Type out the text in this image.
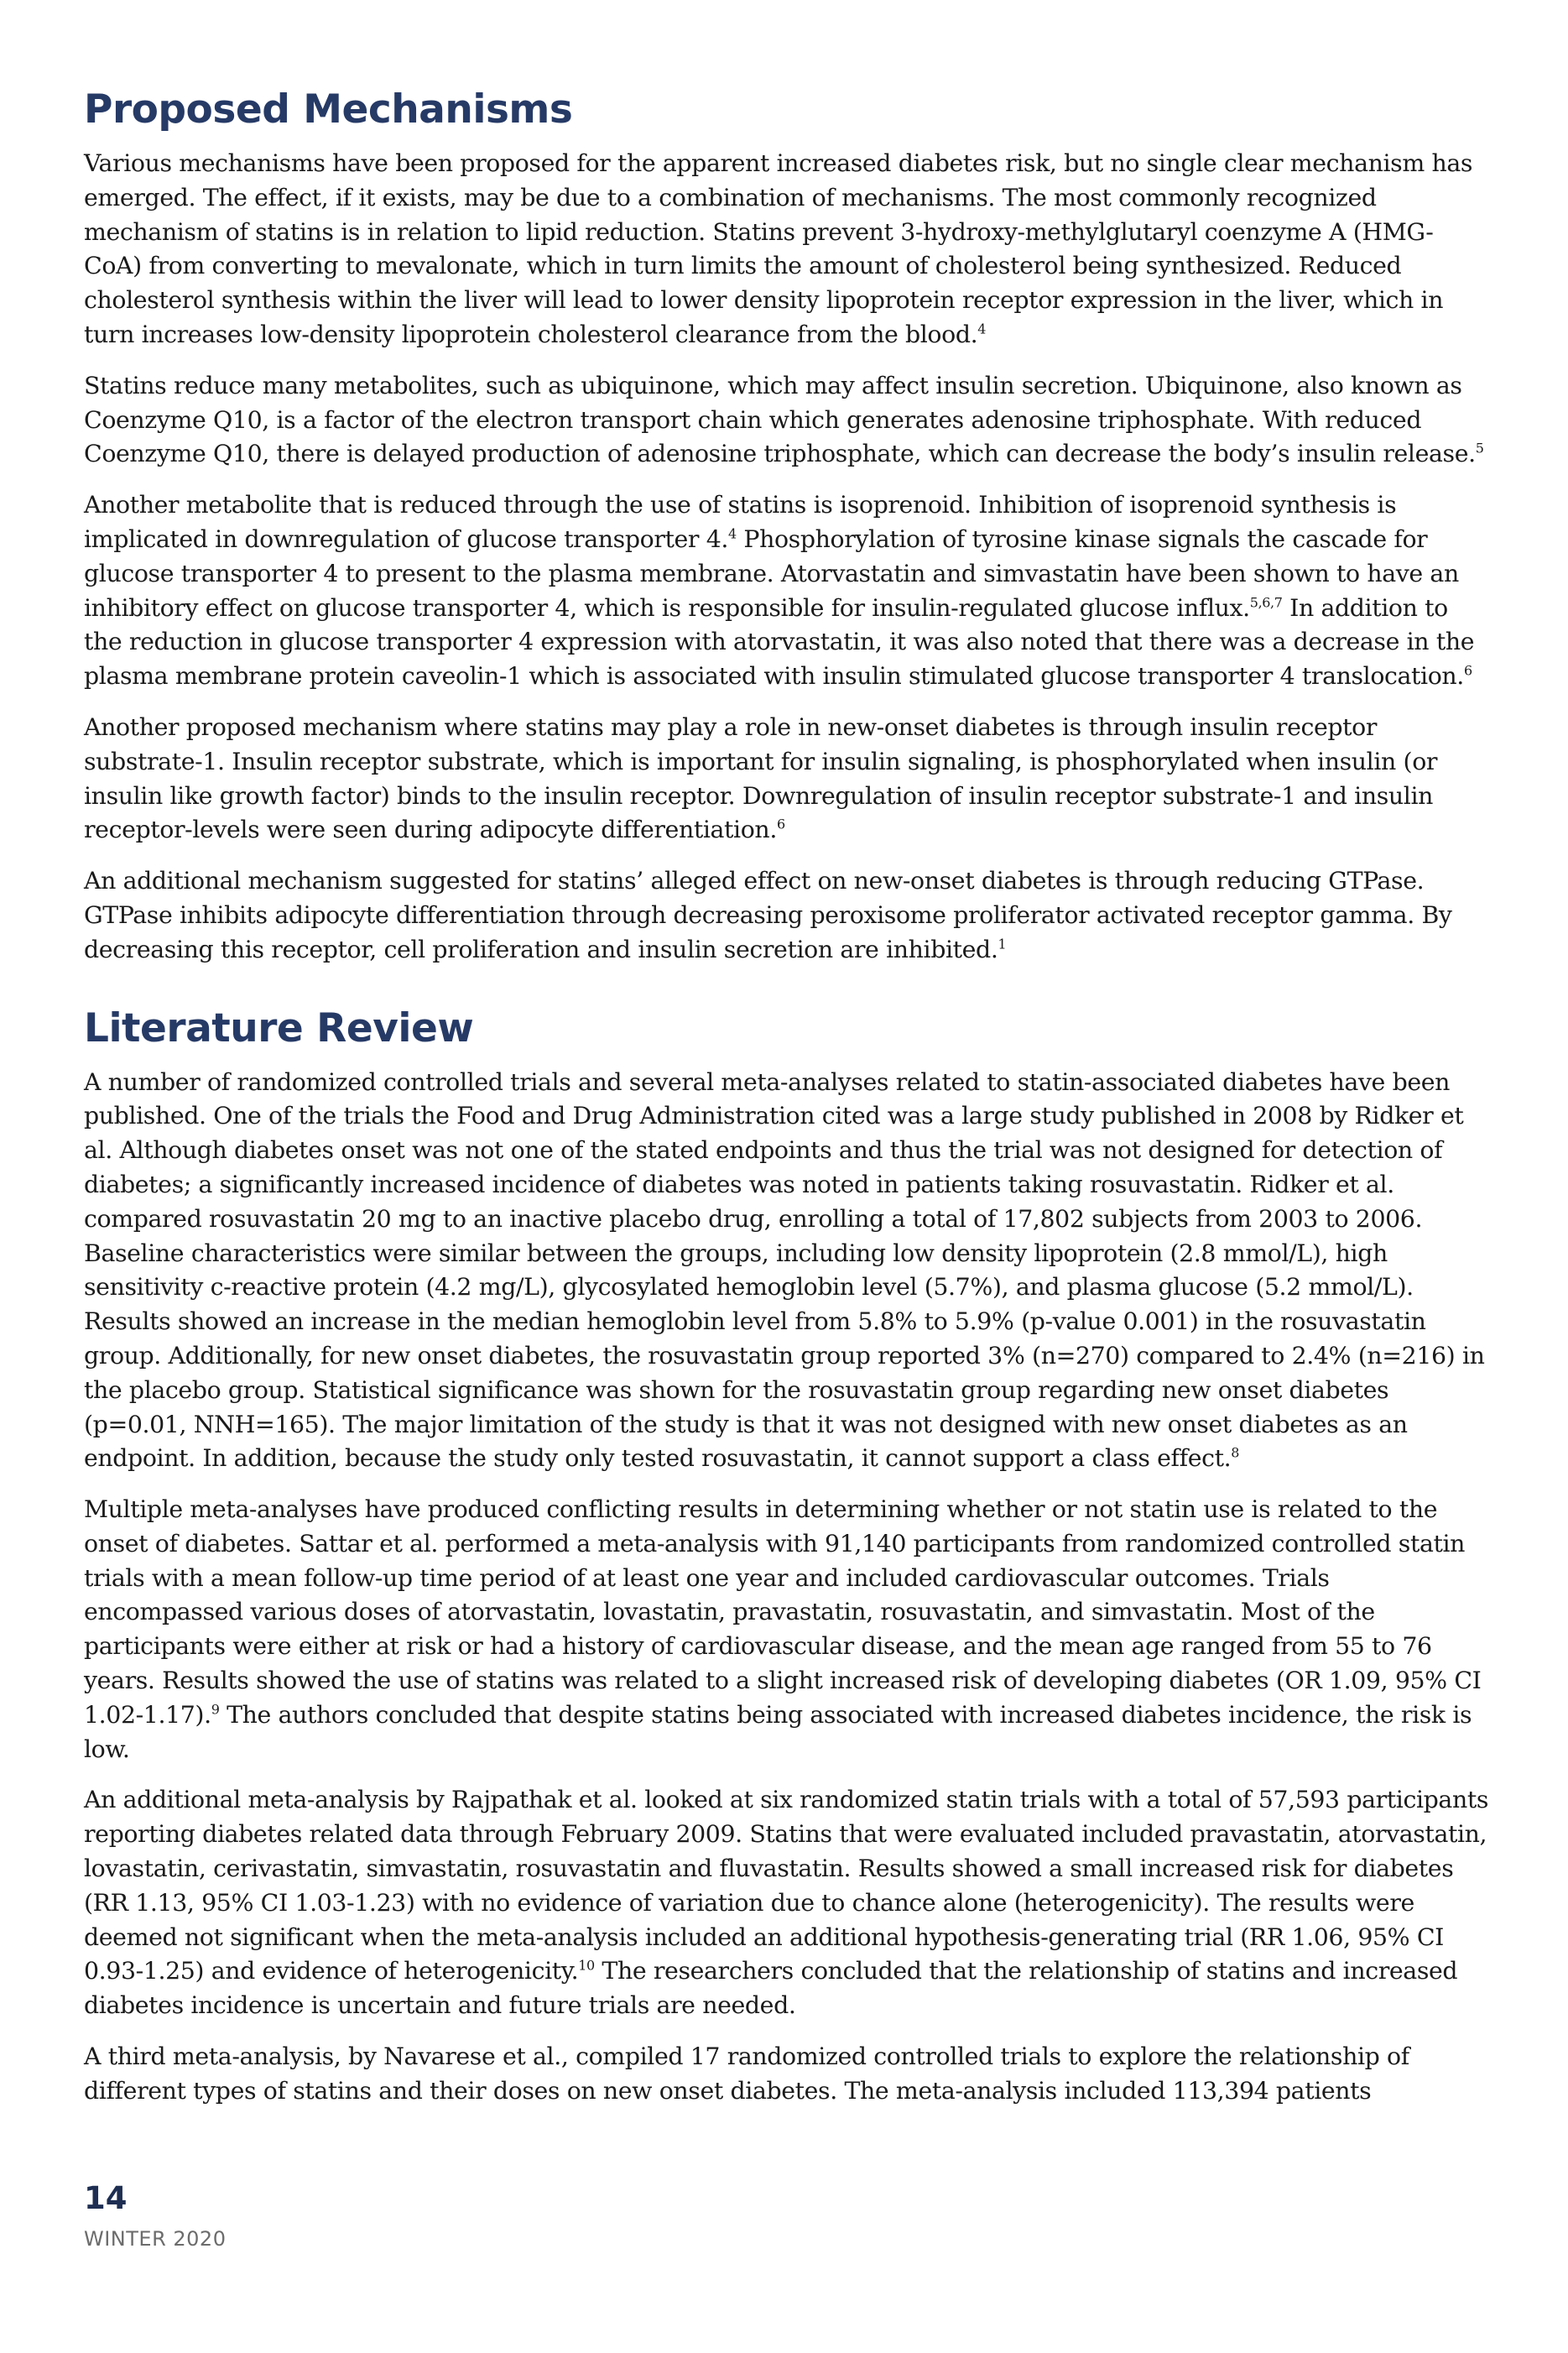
Proposed Mechanisms

Various mechanisms have been proposed for the apparent increased diabetes risk, but no single clear mechanism has emerged. The effect, if it exists, may be due to a combination of mechanisms. The most commonly recognized mechanism of statins is in relation to lipid reduction. Statins prevent 3-hydroxy-methylglutaryl coenzyme A (HMG-CoA) from converting to mevalonate, which in turn limits the amount of cholesterol being synthesized. Reduced cholesterol synthesis within the liver will lead to lower density lipoprotein receptor expression in the liver, which in turn increases low-density lipoprotein cholesterol clearance from the blood.$^4$

Statins reduce many metabolites, such as ubiquinone, which may affect insulin secretion. Ubiquinone, also known as Coenzyme Q10, is a factor of the electron transport chain which generates adenosine triphosphate. With reduced Coenzyme Q10, there is delayed production of adenosine triphosphate, which can decrease the body’s insulin release.$^5$

Another metabolite that is reduced through the use of statins is isoprenoid. Inhibition of isoprenoid synthesis is implicated in downregulation of glucose transporter 4.$^4$ Phosphorylation of tyrosine kinase signals the cascade for glucose transporter 4 to present to the plasma membrane. Atorvastatin and simvastatin have been shown to have an inhibitory effect on glucose transporter 4, which is responsible for insulin-regulated glucose influx.$^{5,6,7}$ In addition to the reduction in glucose transporter 4 expression with atorvastatin, it was also noted that there was a decrease in the plasma membrane protein caveolin-1 which is associated with insulin stimulated glucose transporter 4 translocation.$^6$

Another proposed mechanism where statins may play a role in new-onset diabetes is through insulin receptor substrate-1. Insulin receptor substrate, which is important for insulin signaling, is phosphorylated when insulin (or insulin like growth factor) binds to the insulin receptor. Downregulation of insulin receptor substrate-1 and insulin receptor-levels were seen during adipocyte differentiation.$^6$

An additional mechanism suggested for statins’ alleged effect on new-onset diabetes is through reducing GTPase. GTPase inhibits adipocyte differentiation through decreasing peroxisome proliferator activated receptor gamma. By decreasing this receptor, cell proliferation and insulin secretion are inhibited.$^1$

Literature Review

A number of randomized controlled trials and several meta-analyses related to statin-associated diabetes have been published. One of the trials the Food and Drug Administration cited was a large study published in 2008 by Ridker et al. Although diabetes onset was not one of the stated endpoints and thus the trial was not designed for detection of diabetes; a significantly increased incidence of diabetes was noted in patients taking rosuvastatin. Ridker et al. compared rosuvastatin 20 mg to an inactive placebo drug, enrolling a total of 17,802 subjects from 2003 to 2006. Baseline characteristics were similar between the groups, including low density lipoprotein (2.8 mmol/L), high sensitivity c-reactive protein (4.2 mg/L), glycosylated hemoglobin level (5.7%), and plasma glucose (5.2 mmol/L). Results showed an increase in the median hemoglobin level from 5.8% to 5.9% (p-value 0.001) in the rosuvastatin group. Additionally, for new onset diabetes, the rosuvastatin group reported 3% (n=270) compared to 2.4% (n=216) in the placebo group. Statistical significance was shown for the rosuvastatin group regarding new onset diabetes (p=0.01, NNH=165). The major limitation of the study is that it was not designed with new onset diabetes as an endpoint. In addition, because the study only tested rosuvastatin, it cannot support a class effect.$^8$

Multiple meta-analyses have produced conflicting results in determining whether or not statin use is related to the onset of diabetes. Sattar et al. performed a meta-analysis with 91,140 participants from randomized controlled statin trials with a mean follow-up time period of at least one year and included cardiovascular outcomes. Trials encompassed various doses of atorvastatin, lovastatin, pravastatin, rosuvastatin, and simvastatin. Most of the participants were either at risk or had a history of cardiovascular disease, and the mean age ranged from 55 to 76 years. Results showed the use of statins was related to a slight increased risk of developing diabetes (OR 1.09, 95% CI 1.02-1.17).$^9$ The authors concluded that despite statins being associated with increased diabetes incidence, the risk is low.

An additional meta-analysis by Rajpathak et al. looked at six randomized statin trials with a total of 57,593 participants reporting diabetes related data through February 2009. Statins that were evaluated included pravastatin, atorvastatin, lovastatin, cerivastatin, simvastatin, rosuvastatin and fluvastatin. Results showed a small increased risk for diabetes (RR 1.13, 95% CI 1.03-1.23) with no evidence of variation due to chance alone (heterogenicity). The results were deemed not significant when the meta-analysis included an additional hypothesis-generating trial (RR 1.06, 95% CI 0.93-1.25) and evidence of heterogenicity.$^{10}$ The researchers concluded that the relationship of statins and increased diabetes incidence is uncertain and future trials are needed.

A third meta-analysis, by Navarese et al., compiled 17 randomized controlled trials to explore the relationship of different types of statins and their doses on new onset diabetes. The meta-analysis included 113,394 patients

14
WINTER 2020
